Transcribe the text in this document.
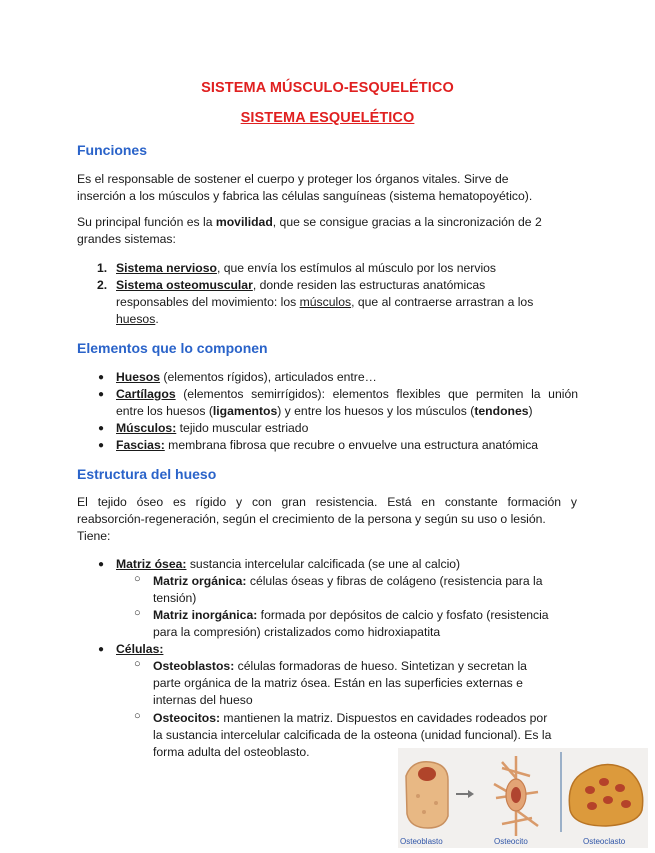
SISTEMA MÚSCULO-ESQUELÉTICO
SISTEMA ESQUELÉTICO
Funciones
Es el responsable de sostener el cuerpo y proteger los órganos vitales. Sirve de
inserción a los músculos y fabrica las células sanguíneas (sistema hematopoyético).
Su principal función es la movilidad, que se consigue gracias a la sincronización de 2
grandes sistemas:
1. Sistema nervioso, que envía los estímulos al músculo por los nervios
2. Sistema osteomuscular, donde residen las estructuras anatómicas
responsables del movimiento: los músculos, que al contraerse arrastran a los
huesos.
Elementos que lo componen
● Huesos (elementos rígidos), articulados entre…
● Cartílagos (elementos semirrígidos): elementos flexibles que permiten la unión
entre los huesos (ligamentos) y entre los huesos y los músculos (tendones)
● Músculos: tejido muscular estriado
● Fascias: membrana fibrosa que recubre o envuelve una estructura anatómica
Estructura del hueso
El tejido óseo es rígido y con gran resistencia. Está en constante formación y
reabsorción-regeneración, según el crecimiento de la persona y según su uso o lesión.
Tiene:
● Matriz ósea: sustancia intercelular calcificada (se une al calcio)
○ Matriz orgánica: células óseas y fibras de colágeno (resistencia para la
tensión)
○ Matriz inorgánica: formada por depósitos de calcio y fosfato (resistencia
para la compresión) cristalizados como hidroxiapatita
● Células:
○ Osteoblastos: células formadoras de hueso. Sintetizan y secretan la
parte orgánica de la matriz ósea. Están en las superficies externas e
internas del hueso
○ Osteocitos: mantienen la matriz. Dispuestos en cavidades rodeados por
la sustancia intercelular calcificada de la osteona (unidad funcional). Es la
forma adulta del osteoblasto.
Osteoblasto	Osteocito	Osteoclasto
